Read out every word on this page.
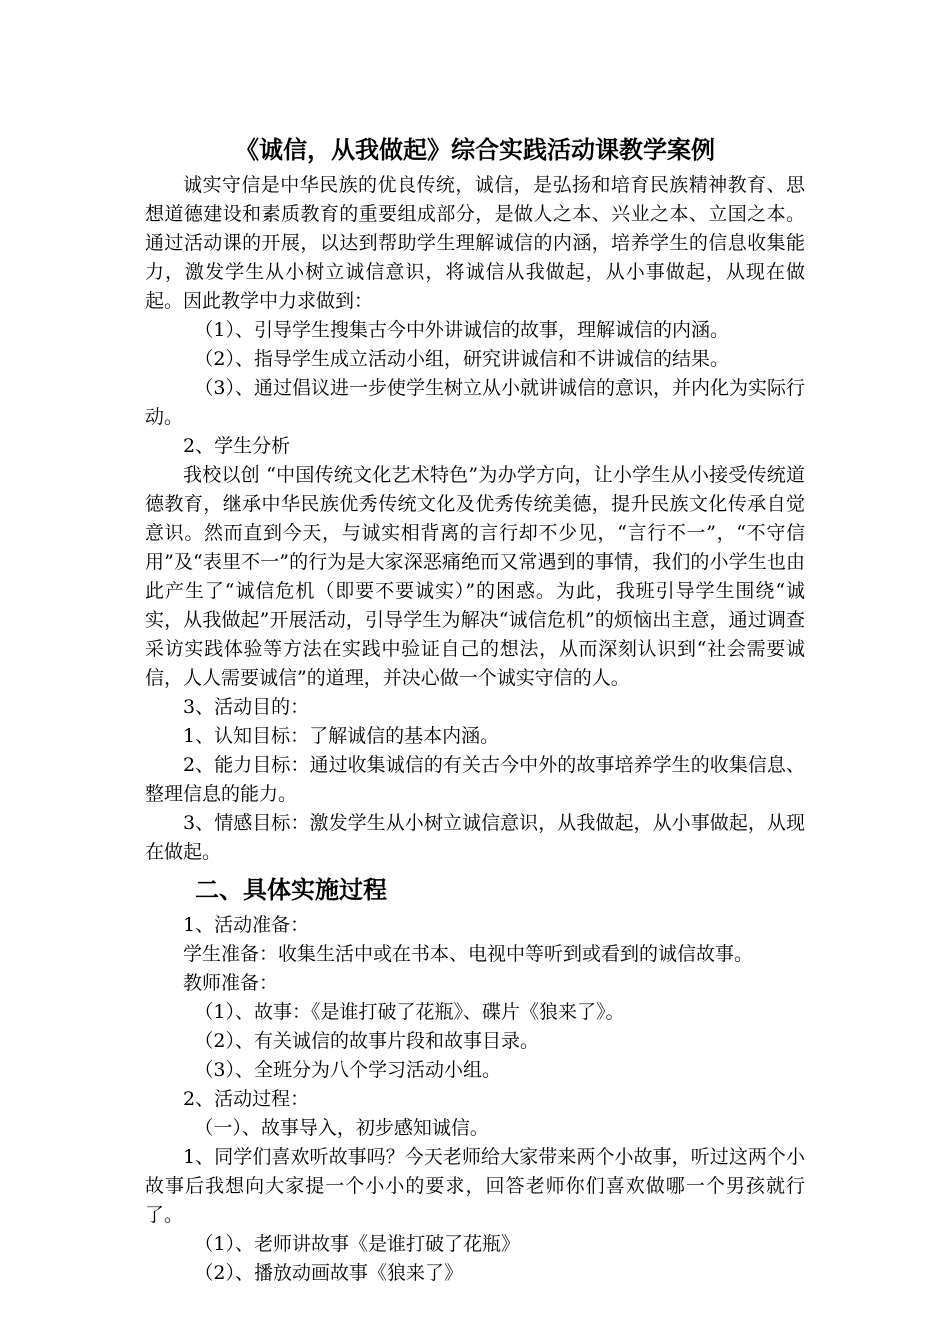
《诚信，从我做起》综合实践活动课教学案例

诚实守信是中华民族的优良传统，诚信，是弘扬和培育民族精神教育、思想道德建设和素质教育的重要组成部分，是做人之本、兴业之本、立国之本。通过活动课的开展，以达到帮助学生理解诚信的内涵，培养学生的信息收集能力，激发学生从小树立诚信意识，将诚信从我做起，从小事做起，从现在做起。因此教学中力求做到：

（1）、引导学生搜集古今中外讲诚信的故事，理解诚信的内涵。

（2）、指导学生成立活动小组，研究讲诚信和不讲诚信的结果。

（3）、通过倡议进一步使学生树立从小就讲诚信的意识，并内化为实际行动。

2、学生分析

我校以创 “中国传统文化艺术特色”为办学方向，让小学生从小接受传统道德教育，继承中华民族优秀传统文化及优秀传统美德，提升民族文化传承自觉意识。然而直到今天，与诚实相背离的言行却不少见，“言行不一”，“不守信用”及“表里不一”的行为是大家深恶痛绝而又常遇到的事情，我们的小学生也由此产生了“诚信危机（即要不要诚实）”的困惑。为此，我班引导学生围绕“诚实，从我做起”开展活动，引导学生为解决“诚信危机”的烦恼出主意，通过调查采访实践体验等方法在实践中验证自己的想法，从而深刻认识到“社会需要诚信，人人需要诚信”的道理，并决心做一个诚实守信的人。

3、活动目的：

1、认知目标：了解诚信的基本内涵。

2、能力目标：通过收集诚信的有关古今中外的故事培养学生的收集信息、整理信息的能力。

3、情感目标：激发学生从小树立诚信意识，从我做起，从小事做起，从现在做起。

二、具体实施过程

1、活动准备：

学生准备：收集生活中或在书本、电视中等听到或看到的诚信故事。

教师准备：

（1）、故事：《是谁打破了花瓶》、碟片《狼来了》。

（2）、有关诚信的故事片段和故事目录。

（3）、全班分为八个学习活动小组。

2、活动过程：

（一）、故事导入，初步感知诚信。

1、同学们喜欢听故事吗？今天老师给大家带来两个小故事，听过这两个小故事后我想向大家提一个小小的要求，回答老师你们喜欢做哪一个男孩就行了。

（1）、老师讲故事《是谁打破了花瓶》

（2）、播放动画故事《狼来了》
